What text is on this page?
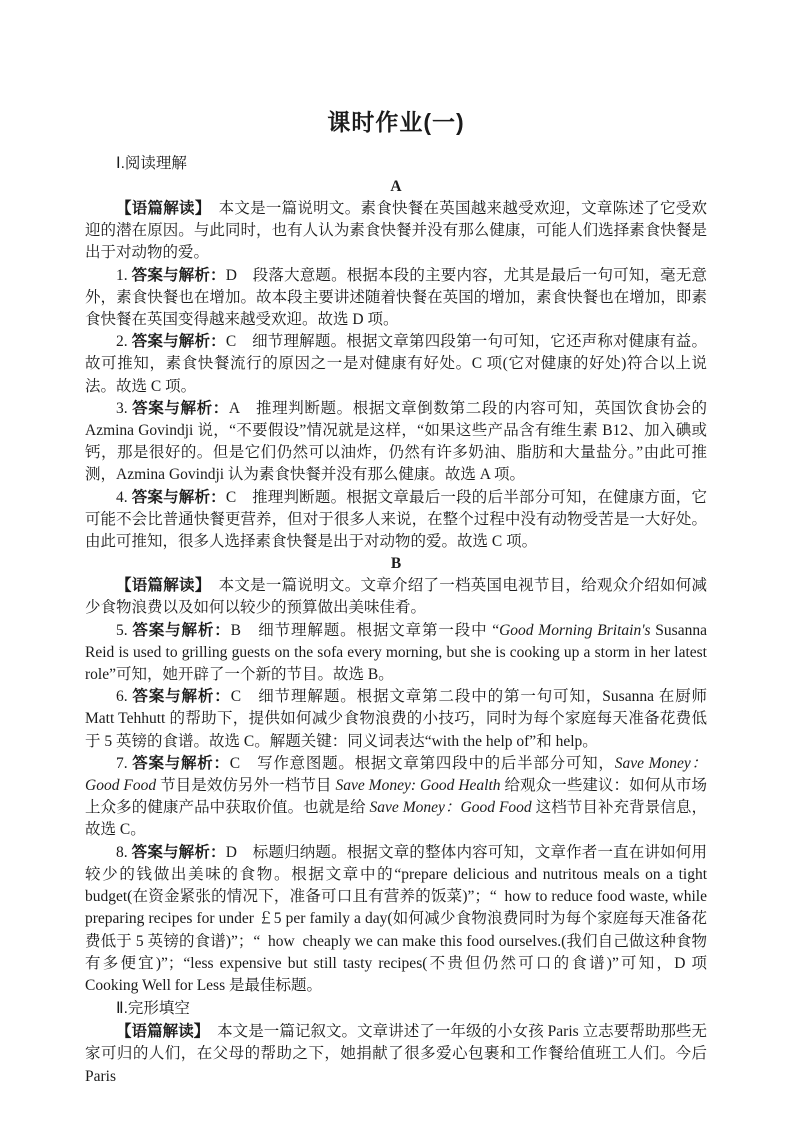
课时作业(一)
Ⅰ.阅读理解
A

【语篇解读】　本文是一篇说明文。素食快餐在英国越来越受欢迎，文章陈述了它受欢迎的潜在原因。与此同时，也有人认为素食快餐并没有那么健康，可能人们选择素食快餐是出于对动物的爱。

1. 答案与解析：D　段落大意题。根据本段的主要内容，尤其是最后一句可知，毫无意外，素食快餐也在增加。故本段主要讲述随着快餐在英国的增加，素食快餐也在增加，即素食快餐在英国变得越来越受欢迎。故选 D 项。

2. 答案与解析：C　细节理解题。根据文章第四段第一句可知，它还声称对健康有益。故可推知，素食快餐流行的原因之一是对健康有好处。C 项(它对健康的好处)符合以上说法。故选 C 项。

3. 答案与解析：A　推理判断题。根据文章倒数第二段的内容可知，英国饮食协会的 Azmina Govindji 说，“不要假设”情况就是这样，“如果这些产品含有维生素 B12、加入碘或钙，那是很好的。但是它们仍然可以油炸，仍然有许多奶油、脂肪和大量盐分。”由此可推测，Azmina Govindji 认为素食快餐并没有那么健康。故选 A 项。

4. 答案与解析：C　推理判断题。根据文章最后一段的后半部分可知，在健康方面，它可能不会比普通快餐更营养，但对于很多人来说，在整个过程中没有动物受苦是一大好处。由此可推知，很多人选择素食快餐是出于对动物的爱。故选 C 项。

B

【语篇解读】　本文是一篇说明文。文章介绍了一档英国电视节目，给观众介绍如何减少食物浪费以及如何以较少的预算做出美味佳肴。

5. 答案与解析：B　细节理解题。根据文章第一段中 “Good Morning Britain's Susanna Reid is used to grilling guests on the sofa every morning, but she is cooking up a storm in her latest role”可知，她开辟了一个新的节目。故选 B。

6. 答案与解析：C　细节理解题。根据文章第二段中的第一句可知，Susanna 在厨师 Matt Tehhutt 的帮助下，提供如何减少食物浪费的小技巧，同时为每个家庭每天准备花费低于 5 英镑的食谱。故选 C。解题关键：同义词表达“with the help of”和 help。

7. 答案与解析：C　写作意图题。根据文章第四段中的后半部分可知，Save Money：Good Food 节目是效仿另外一档节目 Save Money: Good Health 给观众一些建议：如何从市场上众多的健康产品中获取价值。也就是给 Save Money：Good Food 这档节目补充背景信息，故选 C。

8. 答案与解析：D　标题归纳题。根据文章的整体内容可知，文章作者一直在讲如何用较少的钱做出美味的食物。根据文章中的“prepare delicious and nutritous meals on a tight budget(在资金紧张的情况下，准备可口且有营养的饭菜)”；“ how to reduce food waste, while preparing recipes for under ￡5 per family a day(如何减少食物浪费同时为每个家庭每天准备花费低于 5 英镑的食谱)”；“ how cheaply we can make this food ourselves.(我们自己做这种食物有多便宜)”；“less expensive but still tasty recipes(不贵但仍然可口的食谱)”可知，D 项 Cooking Well for Less 是最佳标题。

Ⅱ.完形填空

【语篇解读】　本文是一篇记叙文。文章讲述了一年级的小女孩 Paris 立志要帮助那些无家可归的人们，在父母的帮助之下，她捐献了很多爱心包裹和工作餐给值班工人们。今后 Paris
